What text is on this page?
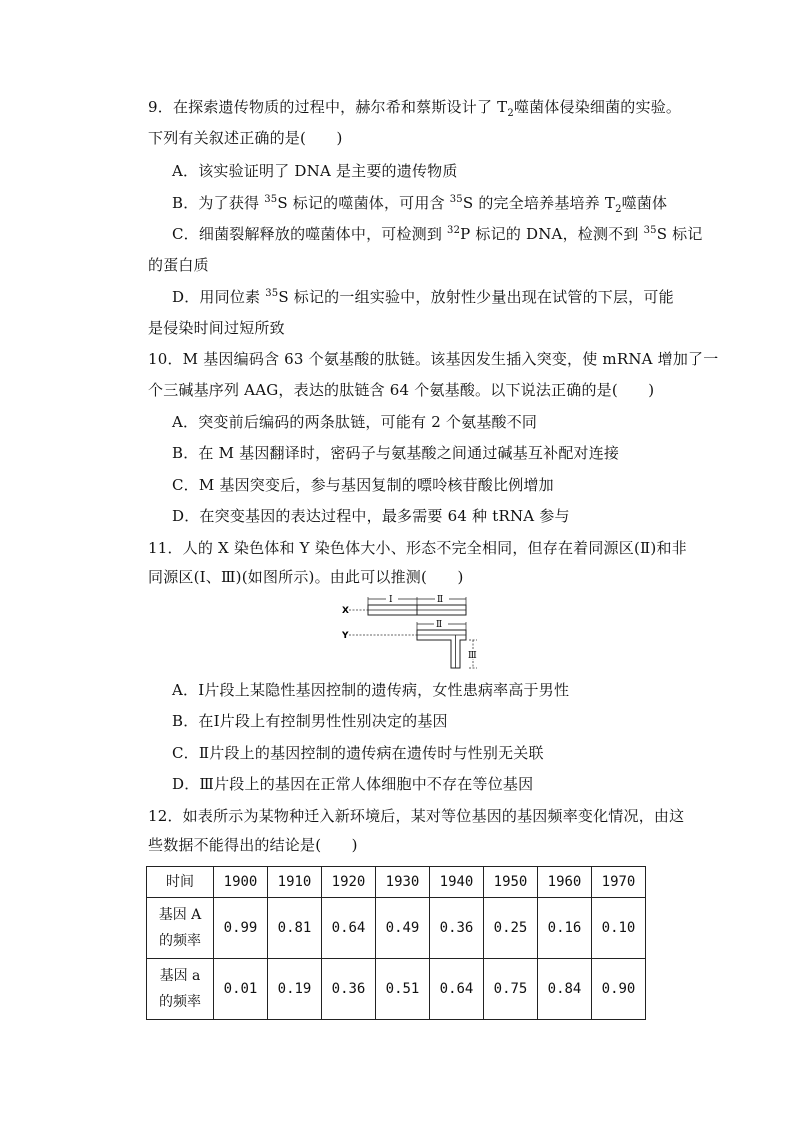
9．在探索遗传物质的过程中，赫尔希和蔡斯设计了 $T_2$噬菌体侵染细菌的实验。
下列有关叙述正确的是(　　)
A．该实验证明了 DNA 是主要的遗传物质
B．为了获得 $^{35}$S 标记的噬菌体，可用含 $^{35}$S 的完全培养基培养 $T_2$噬菌体
C．细菌裂解释放的噬菌体中，可检测到 $^{32}$P 标记的 DNA，检测不到 $^{35}$S 标记
的蛋白质
D．用同位素 $^{35}$S 标记的一组实验中，放射性少量出现在试管的下层，可能
是侵染时间过短所致
10．M 基因编码含 63 个氨基酸的肽链。该基因发生插入突变，使 mRNA 增加了一
个三碱基序列 AAG，表达的肽链含 64 个氨基酸。以下说法正确的是(　　)
A．突变前后编码的两条肽链，可能有 2 个氨基酸不同
B．在 M 基因翻译时，密码子与氨基酸之间通过碱基互补配对连接
C．M 基因突变后，参与基因复制的嘌呤核苷酸比例增加
D．在突变基因的表达过程中，最多需要 64 种 tRNA 参与
11．人的 X 染色体和 Y 染色体大小、形态不完全相同，但存在着同源区(Ⅱ)和非
同源区(Ⅰ、Ⅲ)(如图所示)。由此可以推测(　　)
X
Ⅰ	Ⅱ
Y
Ⅱ
Ⅲ
A．Ⅰ片段上某隐性基因控制的遗传病，女性患病率高于男性
B．在Ⅰ片段上有控制男性性别决定的基因
C．Ⅱ片段上的基因控制的遗传病在遗传时与性别无关联
D．Ⅲ片段上的基因在正常人体细胞中不存在等位基因
12．如表所示为某物种迁入新环境后，某对等位基因的基因频率变化情况，由这
些数据不能得出的结论是(　　)
时间	1900	1910	1920	1930	1940	1950	1960	1970
基因 A
的频率	0.99	0.81	0.64	0.49	0.36	0.25	0.16	0.10
基因 a
的频率	0.01	0.19	0.36	0.51	0.64	0.75	0.84	0.90
